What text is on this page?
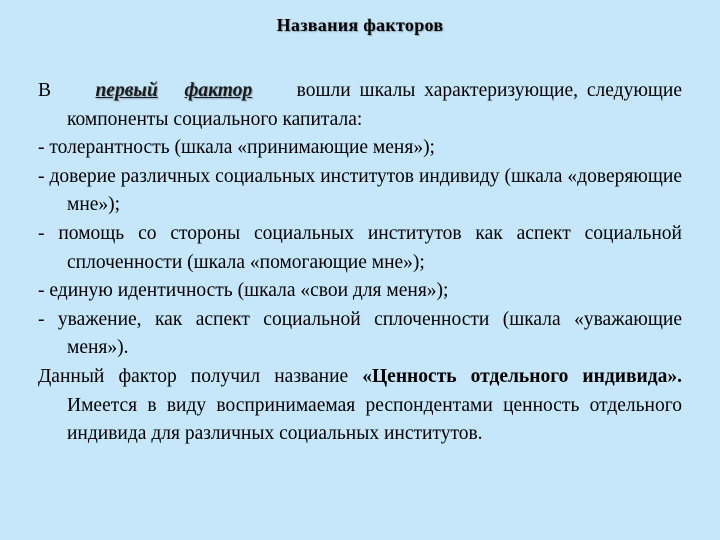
Названия факторов

В первый фактор вошли шкалы характеризующие, следующие компоненты социального капитала:

- толерантность (шкала «принимающие меня»);

- доверие различных социальных институтов индивиду (шкала «доверяющие мне»);

- помощь со стороны социальных институтов как аспект социальной сплоченности (шкала «помогающие мне»);

- единую идентичность (шкала «свои для меня»);

- уважение, как аспект социальной сплоченности (шкала «уважающие меня»).

Данный фактор получил название «Ценность отдельного индивида». Имеется в виду воспринимаемая респондентами ценность отдельного индивида для различных социальных институтов.
